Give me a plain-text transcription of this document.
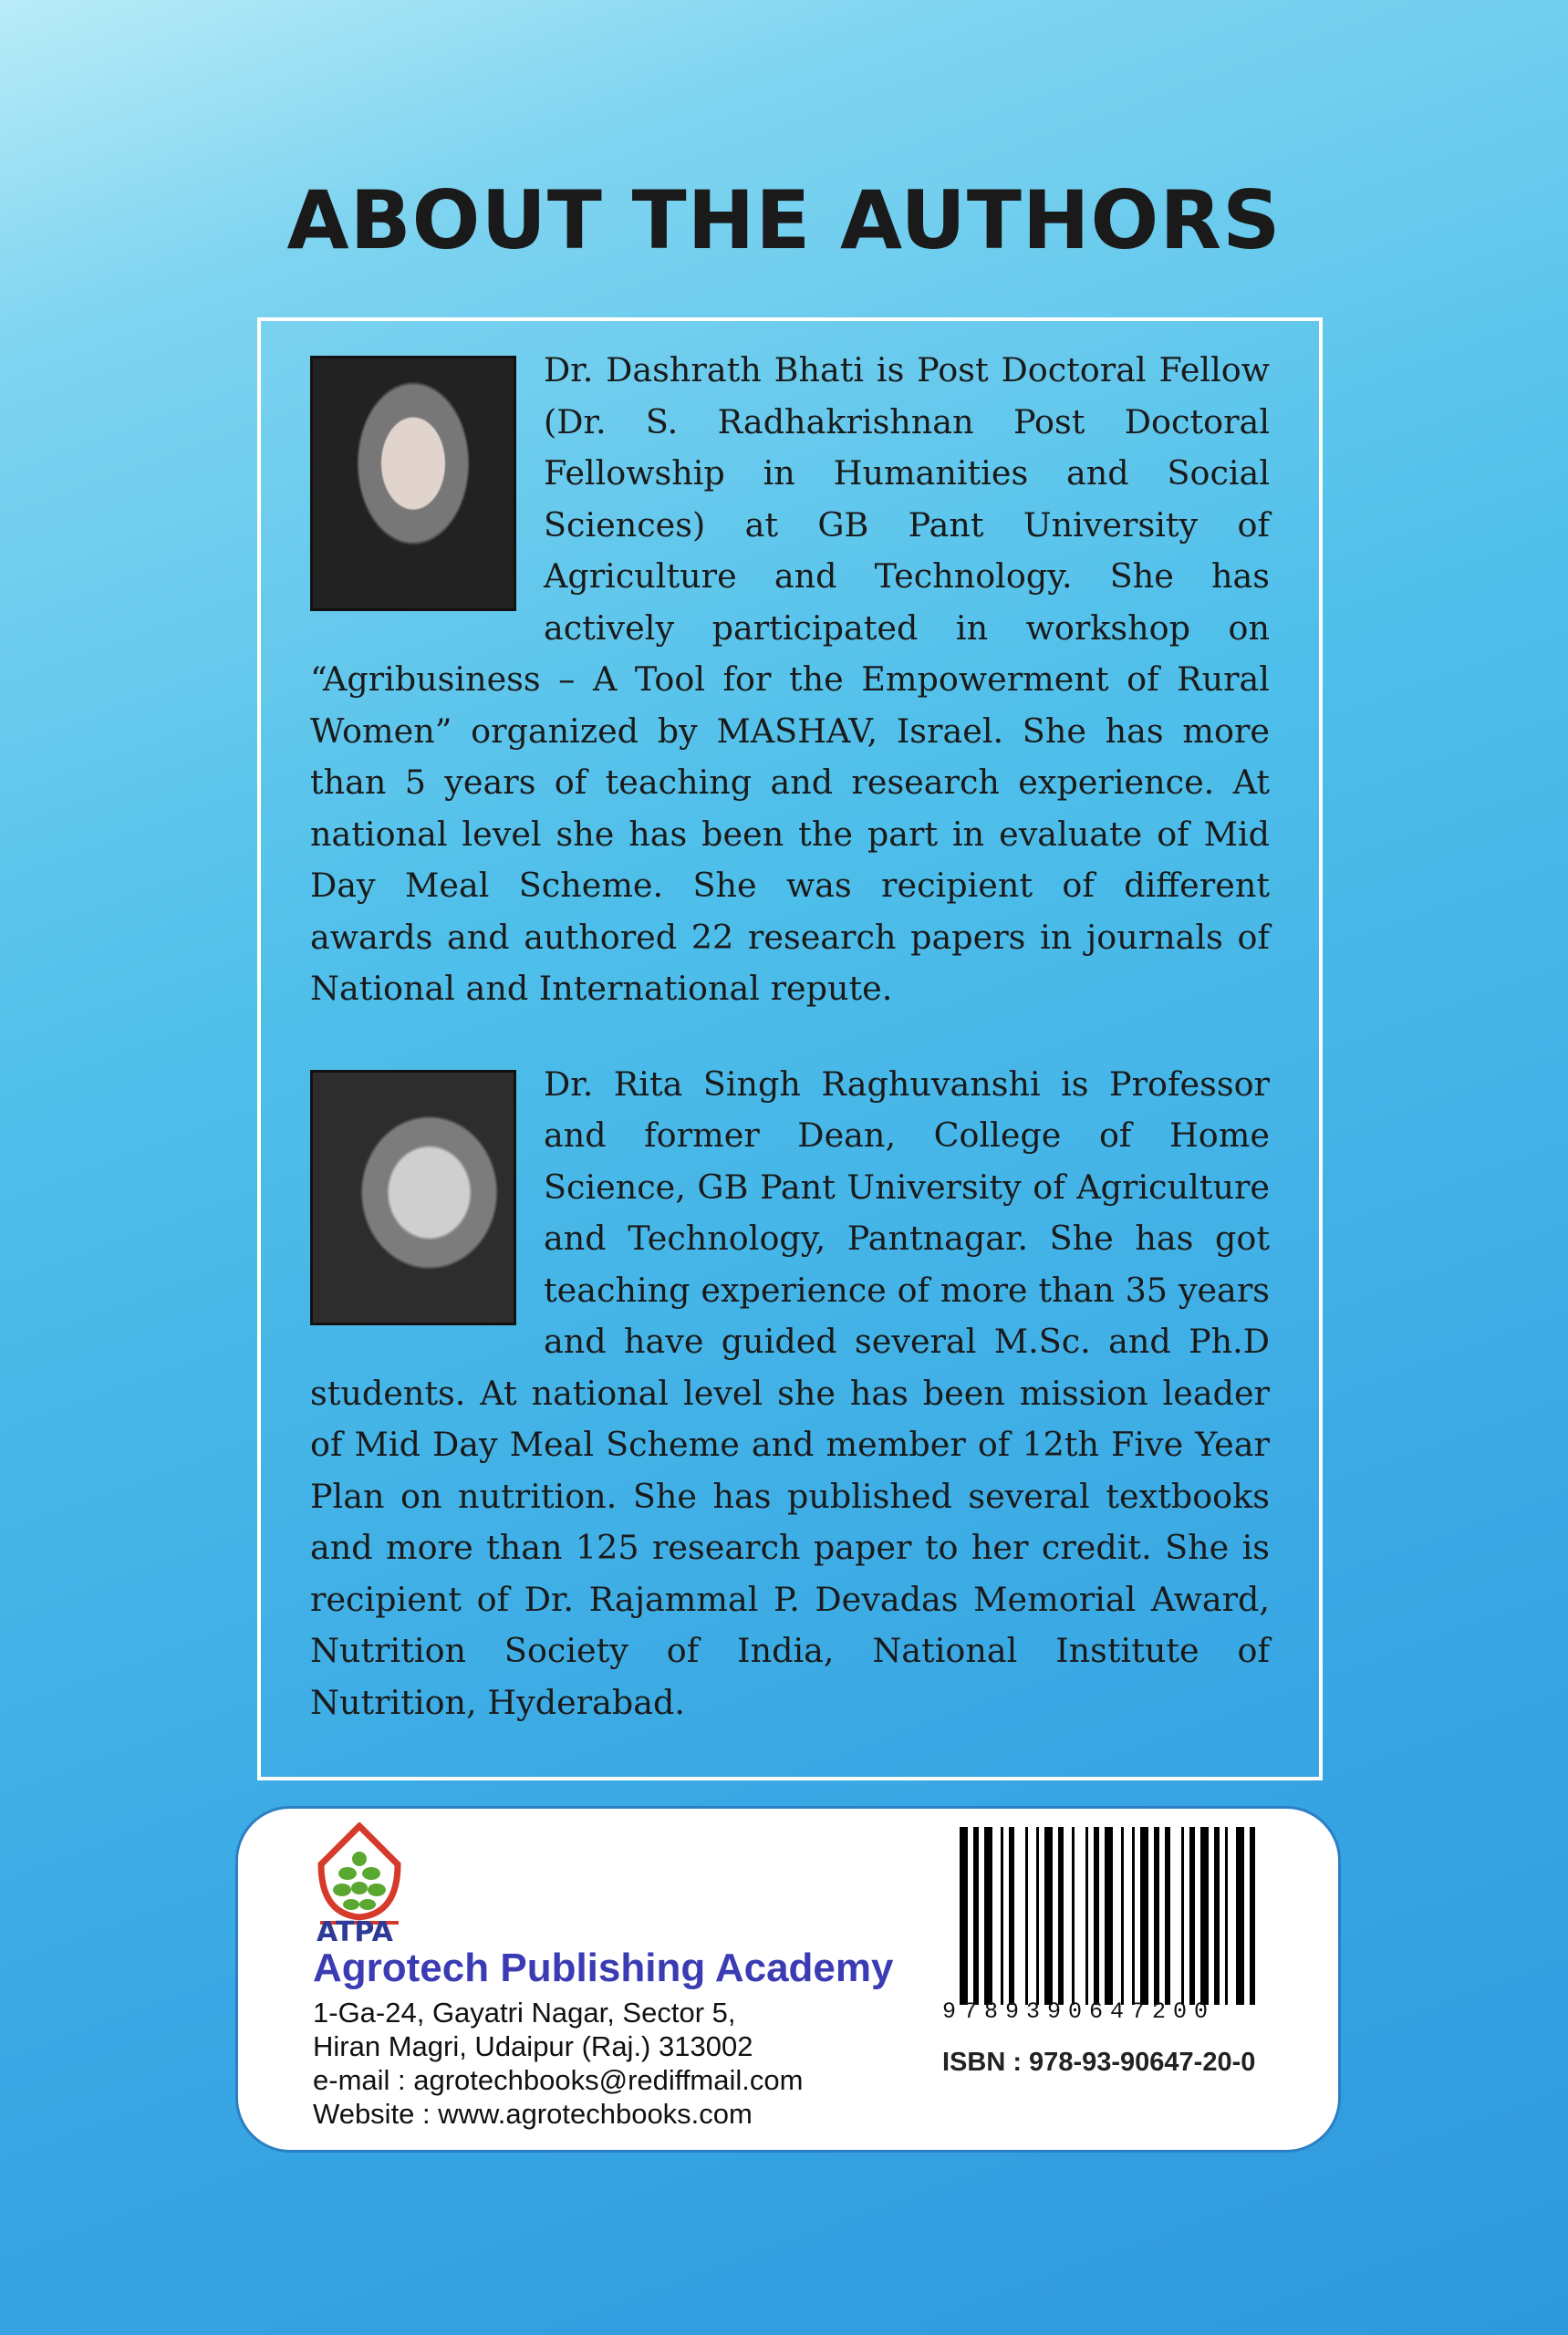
ABOUT THE AUTHORS

Dr. Dashrath Bhati is Post Doctoral Fellow (Dr. S. Radhakrishnan Post Doctoral Fellowship in Humanities and Social Sciences) at GB Pant University of Agriculture and Technology. She has actively participated in workshop on “Agribusiness – A Tool for the Empowerment of Rural Women” organized by MASHAV, Israel. She has more than 5 years of teaching and research experience. At national level she has been the part in evaluate of Mid Day Meal Scheme. She was recipient of different awards and authored 22 research papers in journals of National and International repute.

Dr. Rita Singh Raghuvanshi is Professor and former Dean, College of Home Science, GB Pant University of Agriculture and Technology, Pantnagar. She has got teaching experience of more than 35 years and have guided several M.Sc. and Ph.D students. At national level she has been mission leader of Mid Day Meal Scheme and member of 12th Five Year Plan on nutrition. She has published several textbooks and more than 125 research paper to her credit. She is recipient of Dr. Rajammal P. Devadas Memorial Award, Nutrition Society of India, National Institute of Nutrition, Hyderabad.

ATPA
Agrotech Publishing Academy
1-Ga-24, Gayatri Nagar, Sector 5,
Hiran Magri, Udaipur (Raj.) 313002
e-mail : agrotechbooks@rediffmail.com
Website : www.agrotechbooks.com
9789390647200
ISBN : 978-93-90647-20-0
